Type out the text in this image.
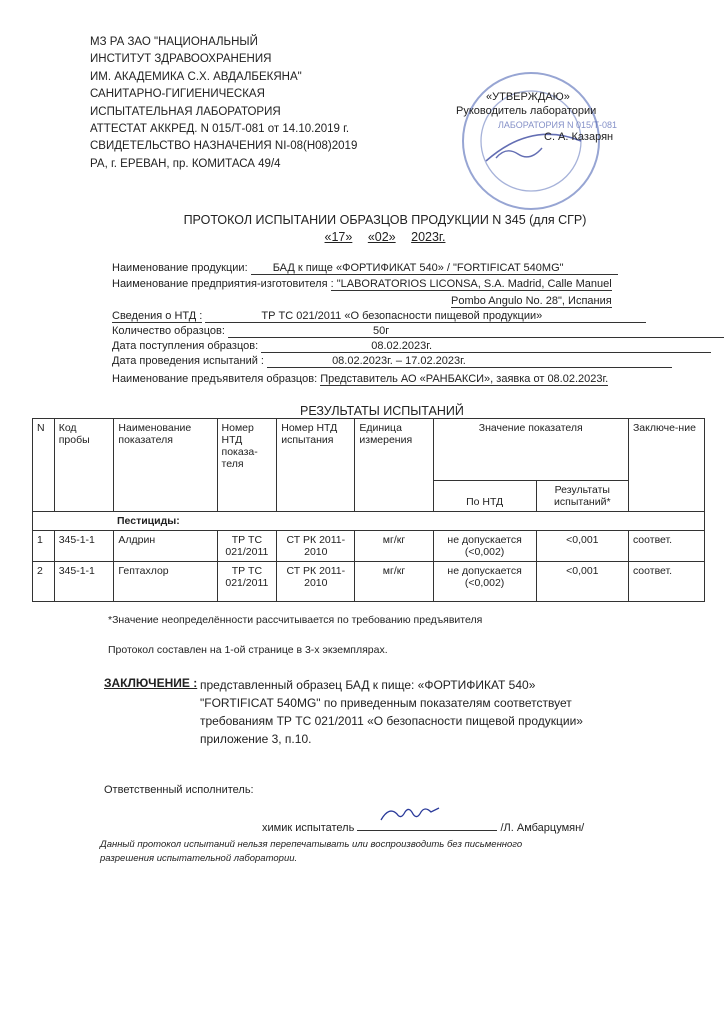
МЗ РА ЗАО "НАЦИОНАЛЬНЫЙ
ИНСТИТУТ ЗДРАВООХРАНЕНИЯ
ИМ. АКАДЕМИКА С.Х. АВДАЛБЕКЯНА"
САНИТАРНО-ГИГИЕНИЧЕСКАЯ
ИСПЫТАТЕЛЬНАЯ ЛАБОРАТОРИЯ
АТТЕСТАТ АККРЕД. N 015/Т-081 от 14.10.2019 г.
СВИДЕТЕЛЬСТВО НАЗНАЧЕНИЯ NІ-08(Н08)2019
РА, г. ЕРЕВАН, пр. КОМИТАСА 49/4
«УТВЕРЖДАЮ»
Руководитель лаборатории
С. А. Казарян
ЛАБОРАТОРИЯ N 015/Т-081
ПРОТОКОЛ ИСПЫТАНИИ ОБРАЗЦОВ ПРОДУКЦИИ N 345 (для СГР)
«17» «02» 2023г.
Наименование продукции: БАД к пище «ФОРТИФИКАТ 540» / "FORTIFICAT 540MG"
Наименование предприятия-изготовителя : "LABORATORIOS LICONSA, S.A. Madrid, Calle Manuel
Pombo Angulo No. 28", Испания
Сведения о НТД :	ТР ТС 021/2011 «О безопасности пищевой продукции»
Количество образцов:	50г
Дата поступления образцов:	08.02.2023г.
Дата проведения испытаний :	08.02.2023г. – 17.02.2023г.
Наименование предъявителя образцов: Представитель АО «РАНБАКСИ», заявка от 08.02.2023г.
РЕЗУЛЬТАТЫ ИСПЫТАНИЙ
N	Код пробы	Наименование показателя	Номер НТД показа-теля	Номер НТД испытания	Единица измерения	Значение показателя		Заключе-ние
						По НТД	Результаты испытаний*	
Пестициды:								
1	345-1-1	Алдрин	ТР ТС 021/2011	СТ РК 2011-2010	мг/кг	не допускается (<0,002)	<0,001	соответ.
2	345-1-1	Гептахлор	ТР ТС 021/2011	СТ РК 2011-2010	мг/кг	не допускается (<0,002)	<0,001	соответ.
*Значение неопределённости рассчитывается по требованию предъявителя
Протокол составлен на 1-ой странице в 3-х экземплярах.
ЗАКЛЮЧЕНИЕ : представленный образец БАД к пище: «ФОРТИФИКАТ 540» "FORTIFICAT 540MG" по приведенным показателям соответствует требованиям ТР ТС 021/2011 «О безопасности пищевой продукции» приложение 3, п.10.
Ответственный исполнитель:
химик испытатель	/Л. Амбарцумян/
Данный протокол испытаний нельзя перепечатывать или воспроизводить без письменного разрешения испытательной лаборатории.
